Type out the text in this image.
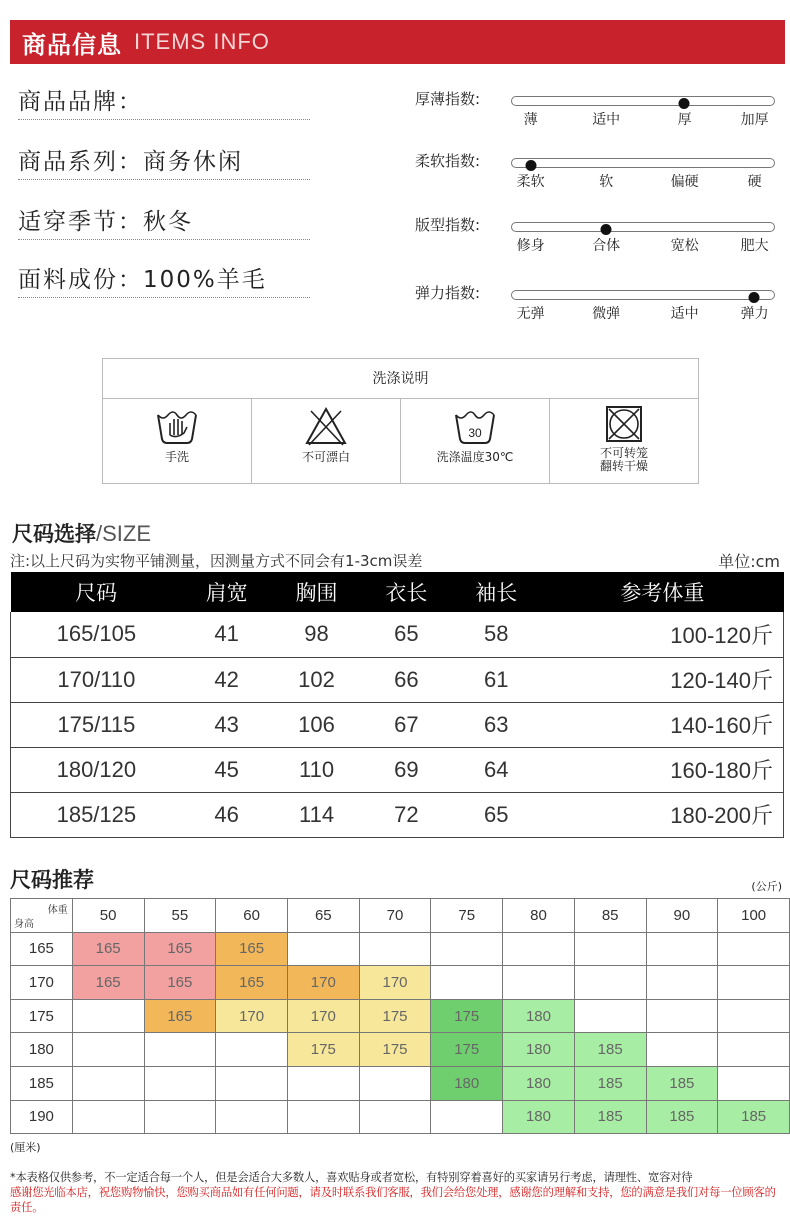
商品信息 ITEMS INFO
商品品牌：
商品系列： 商务休闲
适穿季节： 秋冬
面料成份： 100%羊毛
厚薄指数:
薄	适中	厚	加厚
柔软指数:
柔软	软	偏硬	硬
版型指数:
修身	合体	宽松	肥大
弹力指数:
无弹	微弹	适中	弹力
洗涤说明
手洗	不可漂白
30
洗涤温度30℃	不可转笼
翻转干燥
尺码选择/SIZE
注:以上尺码为实物平铺测量，因测量方式不同会有1-3cm误差	单位:cm
尺码	肩宽	胸围	衣长	袖长	参考体重
165/105	41	98	65	58	100-120斤
170/110	42	102	66	61	120-140斤
175/115	43	106	67	63	140-160斤
180/120	45	110	69	64	160-180斤
185/125	46	114	72	65	180-200斤
尺码推荐	(公斤)
体重
身高	50	55	60	65	70	75	80	85	90	100
165	165	165	165							
170	165	165	165	170	170					
175		165	170	170	175	175	180			
180				175	175	175	180	185		
185						180	180	185	185	
190							180	185	185	185
(厘米)
*本表格仅供参考，不一定适合每一个人，但是会适合大多数人，喜欢贴身或者宽松，有特别穿着喜好的买家请另行考虑，请理性、宽容对待
感谢您光临本店，祝您购物愉快，您购买商品如有任何问题，请及时联系我们客服，我们会给您处理，感谢您的理解和支持，您的满意是我们对每一位顾客的责任。
